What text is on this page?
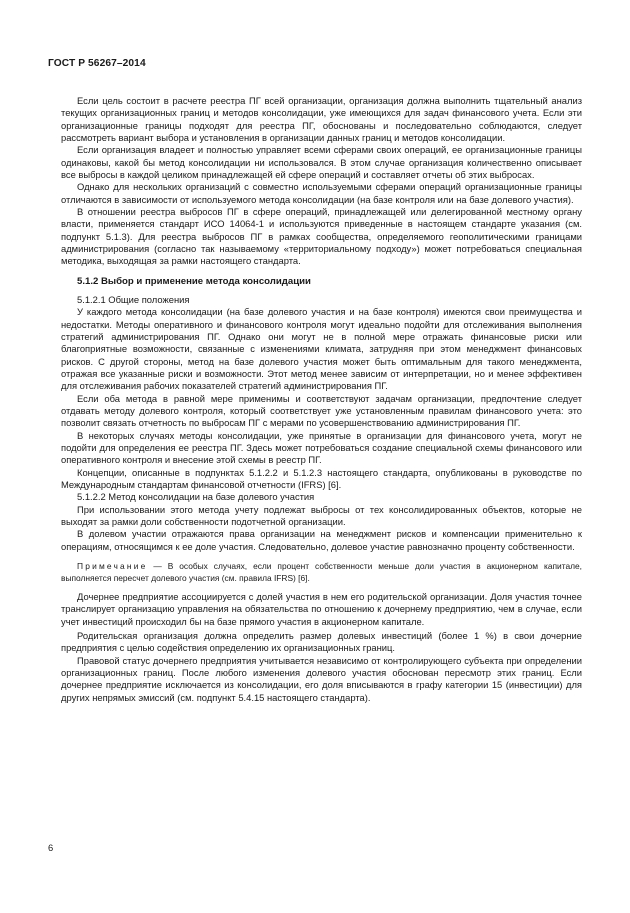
ГОСТ Р 56267–2014

Если цель состоит в расчете реестра ПГ всей организации, организация должна выполнить тщательный анализ текущих организационных границ и методов консолидации, уже имеющихся для задач финансового учета. Если эти организационные границы подходят для реестра ПГ, обоснованы и последовательно соблюдаются, следует рассмотреть вариант выбора и установления в организации данных границ и методов консолидации.

Если организация владеет и полностью управляет всеми сферами своих операций, ее организационные границы одинаковы, какой бы метод консолидации ни использовался. В этом случае организация количественно описывает все выбросы в каждой целиком принадлежащей ей сфере операций и составляет отчеты об этих выбросах.

Однако для нескольких организаций с совместно используемыми сферами операций организационные границы отличаются в зависимости от используемого метода консолидации (на базе контроля или на базе долевого участия).

В отношении реестра выбросов ПГ в сфере операций, принадлежащей или делегированной местному органу власти, применяется стандарт ИСО 14064-1 и используются приведенные в настоящем стандарте указания (см. подпункт 5.1.3). Для реестра выбросов ПГ в рамках сообщества, определяемого геополитическими границами администрирования (согласно так называемому «территориальному подходу») может потребоваться специальная методика, выходящая за рамки настоящего стандарта.

5.1.2 Выбор и применение метода консолидации

5.1.2.1 Общие положения

У каждого метода консолидации (на базе долевого участия и на базе контроля) имеются свои преимущества и недостатки. Методы оперативного и финансового контроля могут идеально подойти для отслеживания выполнения стратегий администрирования ПГ. Однако они могут не в полной мере отражать финансовые риски или благоприятные возможности, связанные с изменениями климата, затрудняя при этом менеджмент финансовых рисков. С другой стороны, метод на базе долевого участия может быть оптимальным для такого менеджмента, отражая все указанные риски и возможности. Этот метод менее зависим от интерпретации, но и менее эффективен для отслеживания рабочих показателей стратегий администрирования ПГ.

Если оба метода в равной мере применимы и соответствуют задачам организации, предпочтение следует отдавать методу долевого контроля, который соответствует уже установленным правилам финансового учета: это позволит связать отчетность по выбросам ПГ с мерами по усовершенствованию администрирования ПГ.

В некоторых случаях методы консолидации, уже принятые в организации для финансового учета, могут не подойти для определения ее реестра ПГ. Здесь может потребоваться создание специальной схемы финансового или оперативного контроля и внесение этой схемы в реестр ПГ.

Концепции, описанные в подпунктах 5.1.2.2 и 5.1.2.3 настоящего стандарта, опубликованы в руководстве по Международным стандартам финансовой отчетности (IFRS) [6].

5.1.2.2 Метод консолидации на базе долевого участия

При использовании этого метода учету подлежат выбросы от тех консолидированных объектов, которые не выходят за рамки доли собственности подотчетной организации.

В долевом участии отражаются права организации на менеджмент рисков и компенсации применительно к операциям, относящимся к ее доле участия. Следовательно, долевое участие равнозначно проценту собственности.

Примечание — В особых случаях, если процент собственности меньше доли участия в акционерном капитале, выполняется пересчет долевого участия (см. правила IFRS) [6].

Дочернее предприятие ассоциируется с долей участия в нем его родительской организации. Доля участия точнее транслирует организацию управления на обязательства по отношению к дочернему предприятию, чем в случае, если учет инвестиций происходил бы на базе прямого участия в акционерном капитале.

Родительская организация должна определить размер долевых инвестиций (более 1 %) в свои дочерние предприятия с целью содействия определению их организационных границ.

Правовой статус дочернего предприятия учитывается независимо от контролирующего субъекта при определении организационных границ. После любого изменения долевого участия обоснован пересмотр этих границ. Если дочернее предприятие исключается из консолидации, его доля вписываются в графу категории 15 (инвестиции) для других непрямых эмиссий (см. подпункт 5.4.15 настоящего стандарта).

6
